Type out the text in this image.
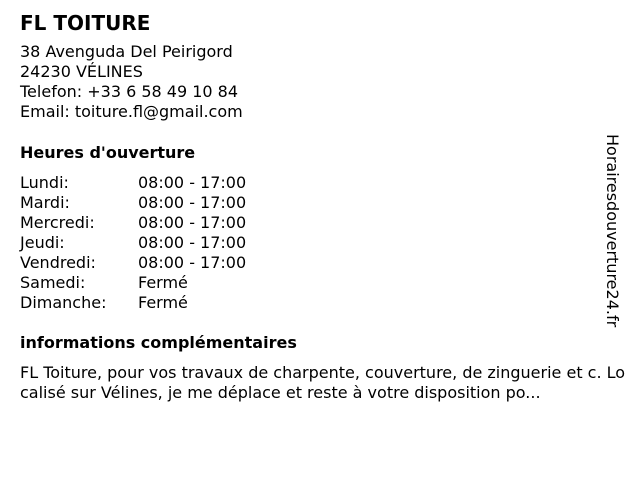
FL TOITURE
38 Avenguda Del Peirigord
24230 VÉLINES
Telefon: +33 6 58 49 10 84
Email: toiture.fl@gmail.com
Heures d'ouverture
Lundi:	08:00 - 17:00
Mardi:	08:00 - 17:00
Mercredi:	08:00 - 17:00
Jeudi:	08:00 - 17:00
Vendredi:	08:00 - 17:00
Samedi:	Fermé
Dimanche: Fermé
informations complémentaires
FL Toiture, pour vos travaux de charpente, couverture, de zinguerie et c. Localisé sur Vélines, je me déplace et reste à votre disposition po...
Horairesdouverture24.fr
